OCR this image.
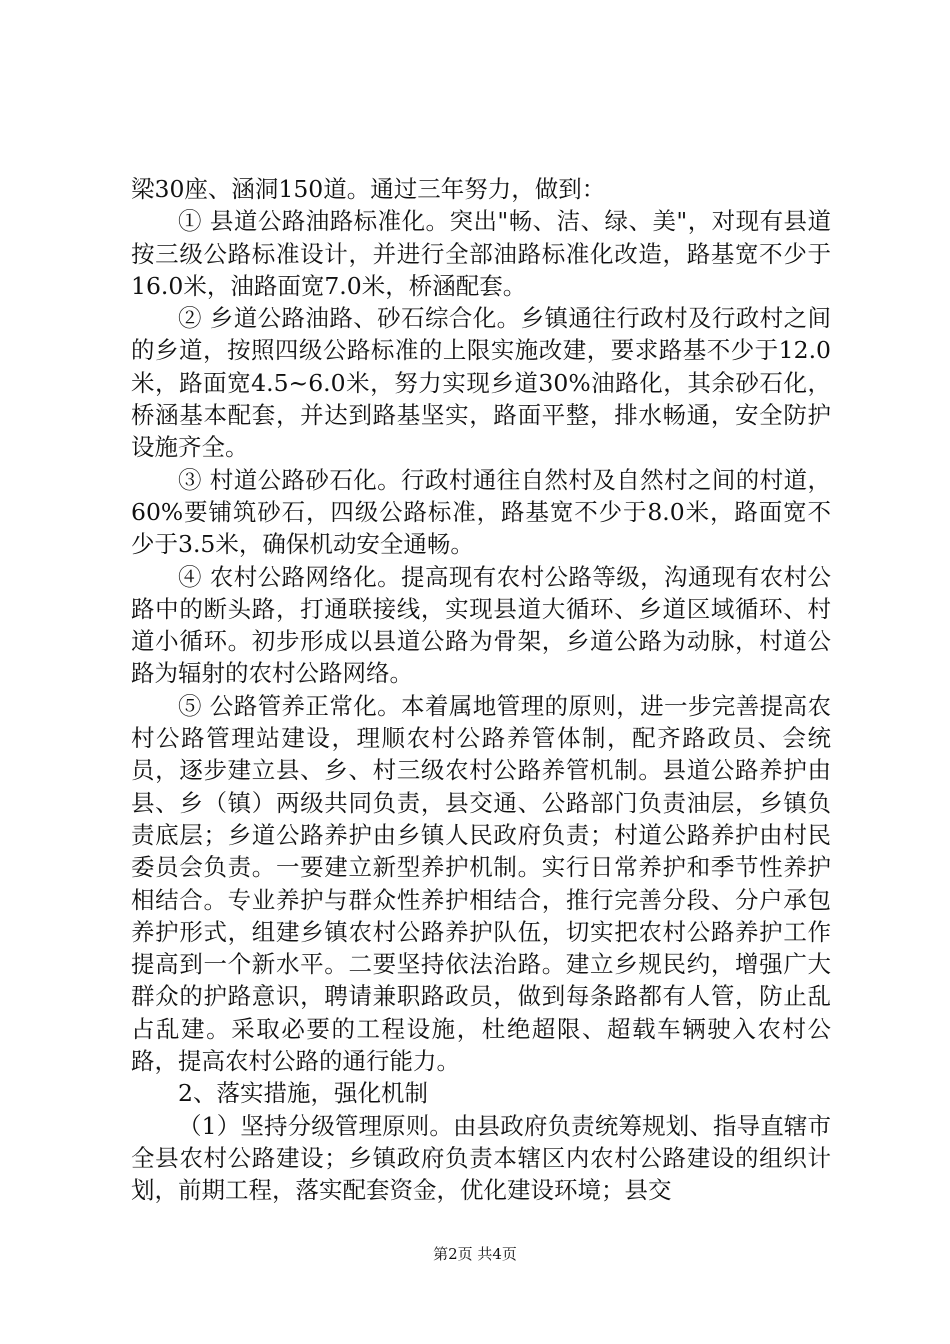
梁30座、涵洞150道。通过三年努力，做到：

① 县道公路油路标准化。突出"畅、洁、绿、美"，对现有县道按三级公路标准设计，并进行全部油路标准化改造，路基宽不少于16.0米，油路面宽7.0米，桥涵配套。

② 乡道公路油路、砂石综合化。乡镇通往行政村及行政村之间的乡道，按照四级公路标准的上限实施改建，要求路基不少于12.0米，路面宽4.5~6.0米，努力实现乡道30%油路化，其余砂石化，桥涵基本配套，并达到路基坚实，路面平整，排水畅通，安全防护设施齐全。

③ 村道公路砂石化。行政村通往自然村及自然村之间的村道，60%要铺筑砂石，四级公路标准，路基宽不少于8.0米，路面宽不少于3.5米，确保机动安全通畅。

④ 农村公路网络化。提高现有农村公路等级，沟通现有农村公路中的断头路，打通联接线，实现县道大循环、乡道区域循环、村道小循环。初步形成以县道公路为骨架，乡道公路为动脉，村道公路为辐射的农村公路网络。

⑤ 公路管养正常化。本着属地管理的原则，进一步完善提高农村公路管理站建设，理顺农村公路养管体制，配齐路政员、会统员，逐步建立县、乡、村三级农村公路养管机制。县道公路养护由县、乡（镇）两级共同负责，县交通、公路部门负责油层，乡镇负责底层；乡道公路养护由乡镇人民政府负责；村道公路养护由村民委员会负责。一要建立新型养护机制。实行日常养护和季节性养护相结合。专业养护与群众性养护相结合，推行完善分段、分户承包养护形式，组建乡镇农村公路养护队伍，切实把农村公路养护工作提高到一个新水平。二要坚持依法治路。建立乡规民约，增强广大群众的护路意识，聘请兼职路政员，做到每条路都有人管，防止乱占乱建。采取必要的工程设施，杜绝超限、超载车辆驶入农村公路，提高农村公路的通行能力。

2、落实措施，强化机制

（1）坚持分级管理原则。由县政府负责统筹规划、指导直辖市全县农村公路建设；乡镇政府负责本辖区内农村公路建设的组织计划，前期工程，落实配套资金，优化建设环境；县交

第2页 共4页
